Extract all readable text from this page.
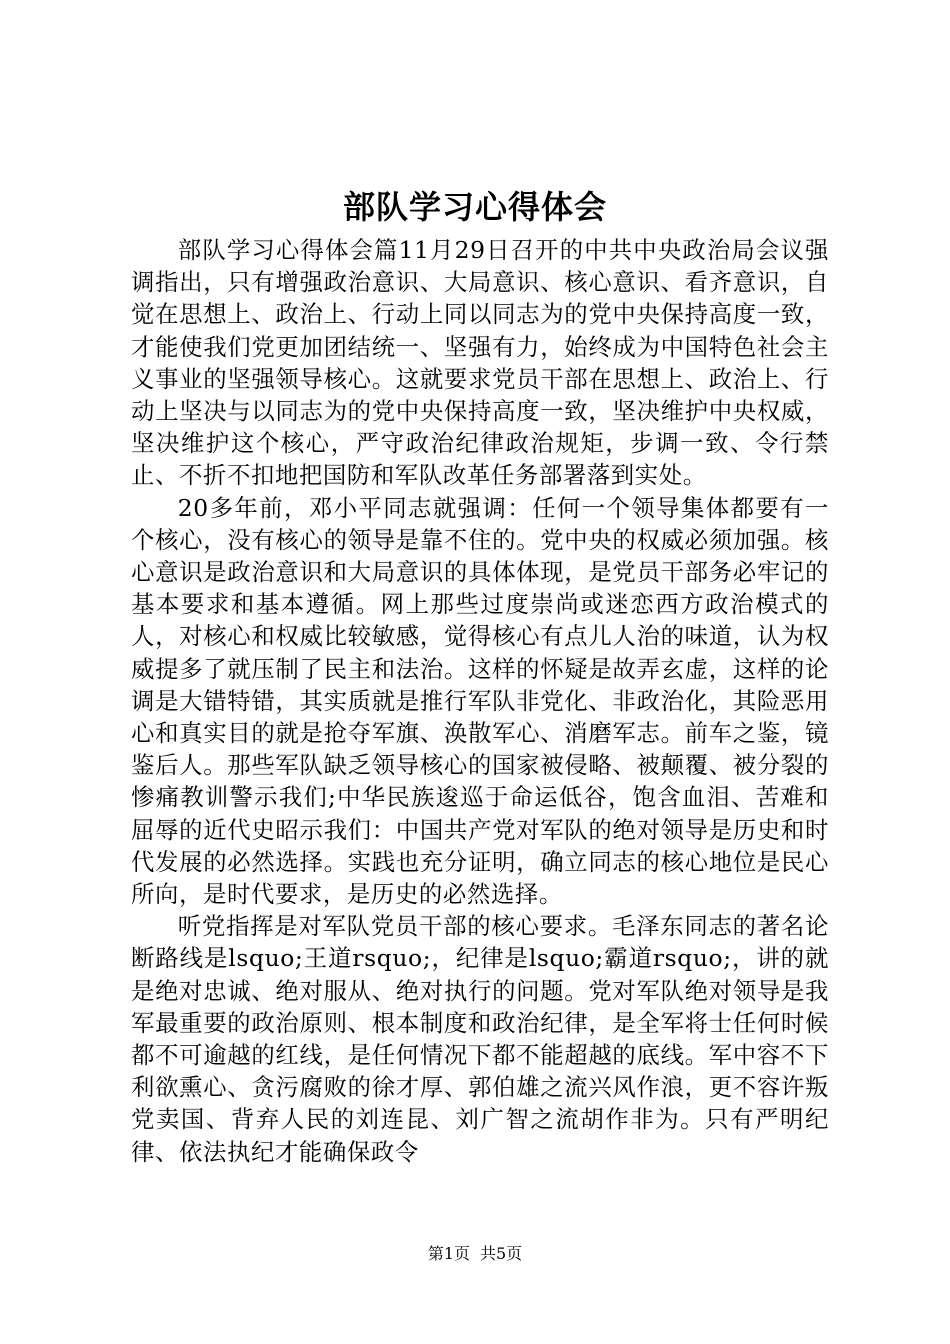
部队学习心得体会

部队学习心得体会篇11月29日召开的中共中央政治局会议强调指出，只有增强政治意识、大局意识、核心意识、看齐意识，自觉在思想上、政治上、行动上同以同志为的党中央保持高度一致，才能使我们党更加团结统一、坚强有力，始终成为中国特色社会主义事业的坚强领导核心。这就要求党员干部在思想上、政治上、行动上坚决与以同志为的党中央保持高度一致，坚决维护中央权威，坚决维护这个核心，严守政治纪律政治规矩，步调一致、令行禁止、不折不扣地把国防和军队改革任务部署落到实处。

20多年前，邓小平同志就强调：任何一个领导集体都要有一个核心，没有核心的领导是靠不住的。党中央的权威必须加强。核心意识是政治意识和大局意识的具体体现，是党员干部务必牢记的基本要求和基本遵循。网上那些过度崇尚或迷恋西方政治模式的人，对核心和权威比较敏感，觉得核心有点儿人治的味道，认为权威提多了就压制了民主和法治。这样的怀疑是故弄玄虚，这样的论调是大错特错，其实质就是推行军队非党化、非政治化，其险恶用心和真实目的就是抢夺军旗、涣散军心、消磨军志。前车之鉴，镜鉴后人。那些军队缺乏领导核心的国家被侵略、被颠覆、被分裂的惨痛教训警示我们;中华民族逡巡于命运低谷，饱含血泪、苦难和屈辱的近代史昭示我们：中国共产党对军队的绝对领导是历史和时代发展的必然选择。实践也充分证明，确立同志的核心地位是民心所向，是时代要求，是历史的必然选择。

听党指挥是对军队党员干部的核心要求。毛泽东同志的著名论断路线是lsquo;王道rsquo;，纪律是lsquo;霸道rsquo;，讲的就是绝对忠诚、绝对服从、绝对执行的问题。党对军队绝对领导是我军最重要的政治原则、根本制度和政治纪律，是全军将士任何时候都不可逾越的红线，是任何情况下都不能超越的底线。军中容不下利欲熏心、贪污腐败的徐才厚、郭伯雄之流兴风作浪，更不容许叛党卖国、背弃人民的刘连昆、刘广智之流胡作非为。只有严明纪律、依法执纪才能确保政令

第1页 共5页
